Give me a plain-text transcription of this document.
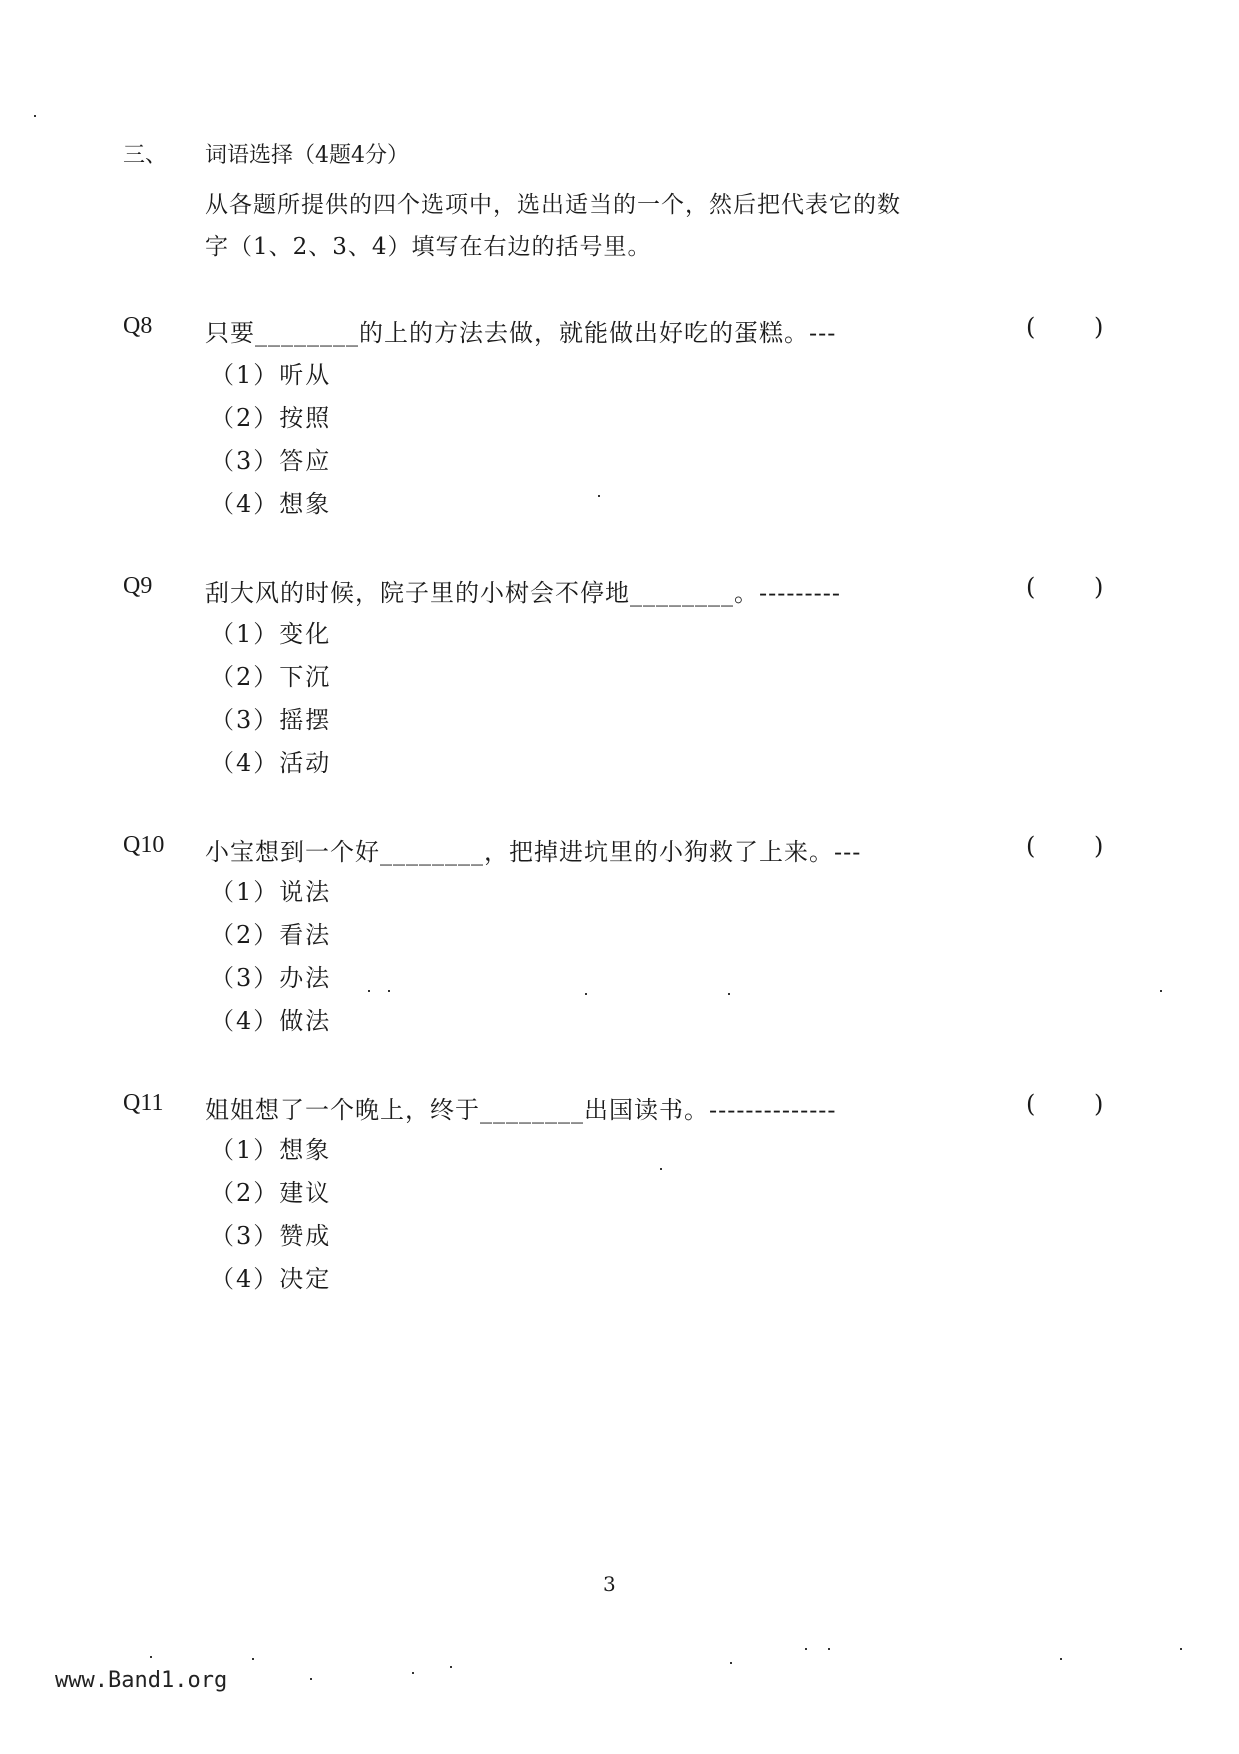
三、 词语选择（4题4分）
从各题所提供的四个选项中，选出适当的一个，然后把代表它的数
字（1、2、3、4）填写在右边的括号里。
Q8 只要________的上的方法去做，就能做出好吃的蛋糕。---	( )
（1）听从
（2）按照
（3）答应
（4）想象
Q9 刮大风的时候，院子里的小树会不停地________。---------	( )
（1）变化
（2）下沉
（3）摇摆
（4）活动
Q10 小宝想到一个好________，把掉进坑里的小狗救了上来。---	( )
（1）说法
（2）看法
（3）办法
（4）做法
Q11 姐姐想了一个晚上，终于________出国读书。--------------	( )
（1）想象
（2）建议
（3）赞成
（4）决定
3
www.Band1.org
